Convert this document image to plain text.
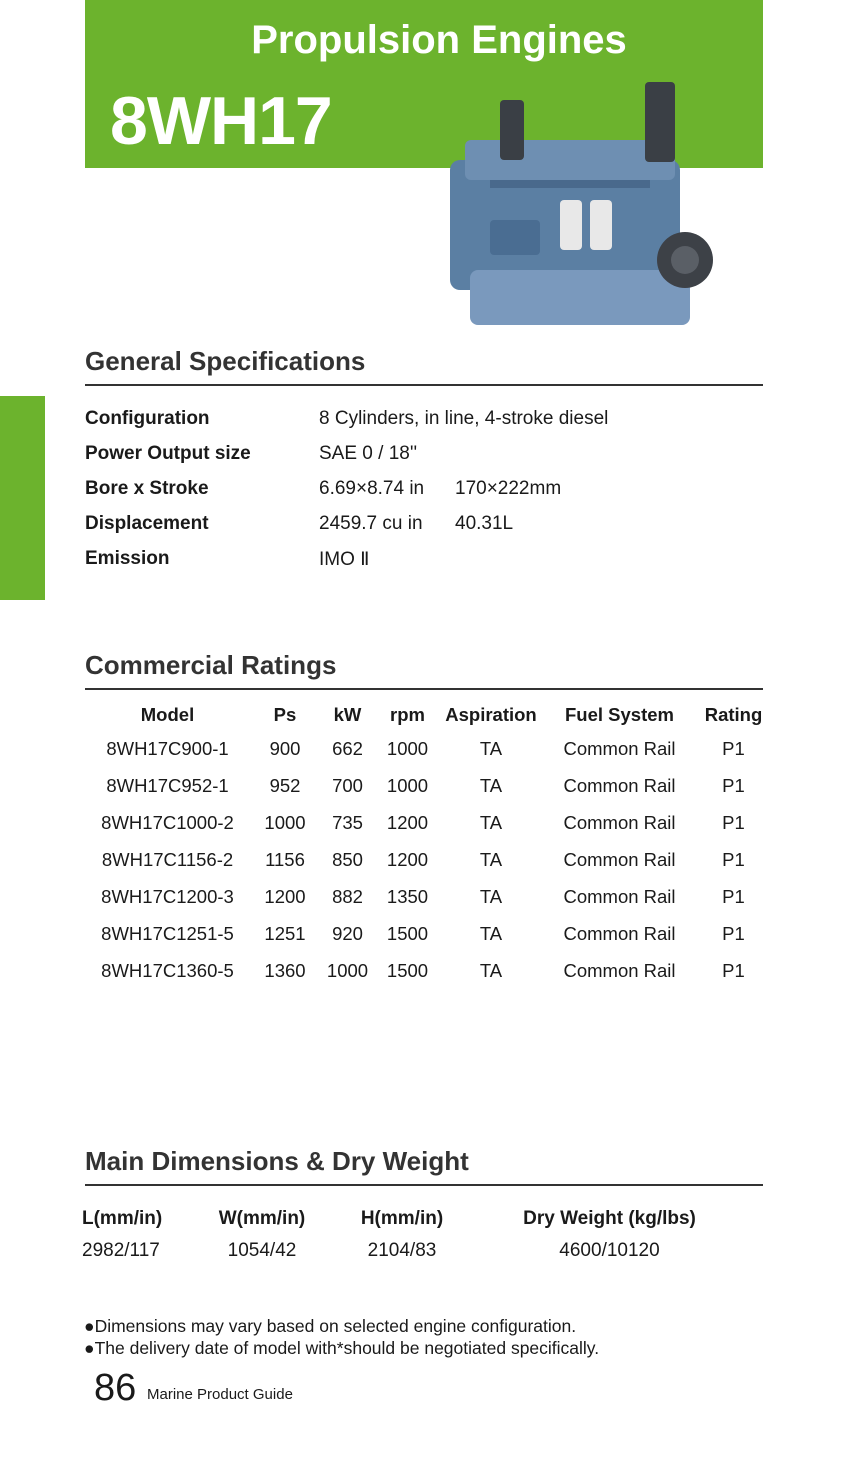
Propulsion Engines
8WH17
General Specifications
Configuration	8 Cylinders, in line, 4-stroke diesel
Power Output size	SAE 0 / 18''
Bore x Stroke	6.69×8.74 in 170×222mm
Displacement	2459.7 cu in 40.31L
Emission	IMO Ⅱ
Commercial Ratings
Model	Ps	kW	rpm	Aspiration	Fuel System	Rating
8WH17C900-1	900	662	1000	TA	Common Rail	P1
8WH17C952-1	952	700	1000	TA	Common Rail	P1
8WH17C1000-2	1000	735	1200	TA	Common Rail	P1
8WH17C1156-2	1156	850	1200	TA	Common Rail	P1
8WH17C1200-3	1200	882	1350	TA	Common Rail	P1
8WH17C1251-5	1251	920	1500	TA	Common Rail	P1
8WH17C1360-5	1360	1000	1500	TA	Common Rail	P1
Main Dimensions & Dry Weight
L(mm/in)	W(mm/in)	H(mm/in)	Dry Weight (kg/lbs)
2982/117	1054/42	2104/83	4600/10120
●Dimensions may vary based on selected engine configuration.
●The delivery date of model with*should be negotiated specifically.
86 Marine Product Guide
